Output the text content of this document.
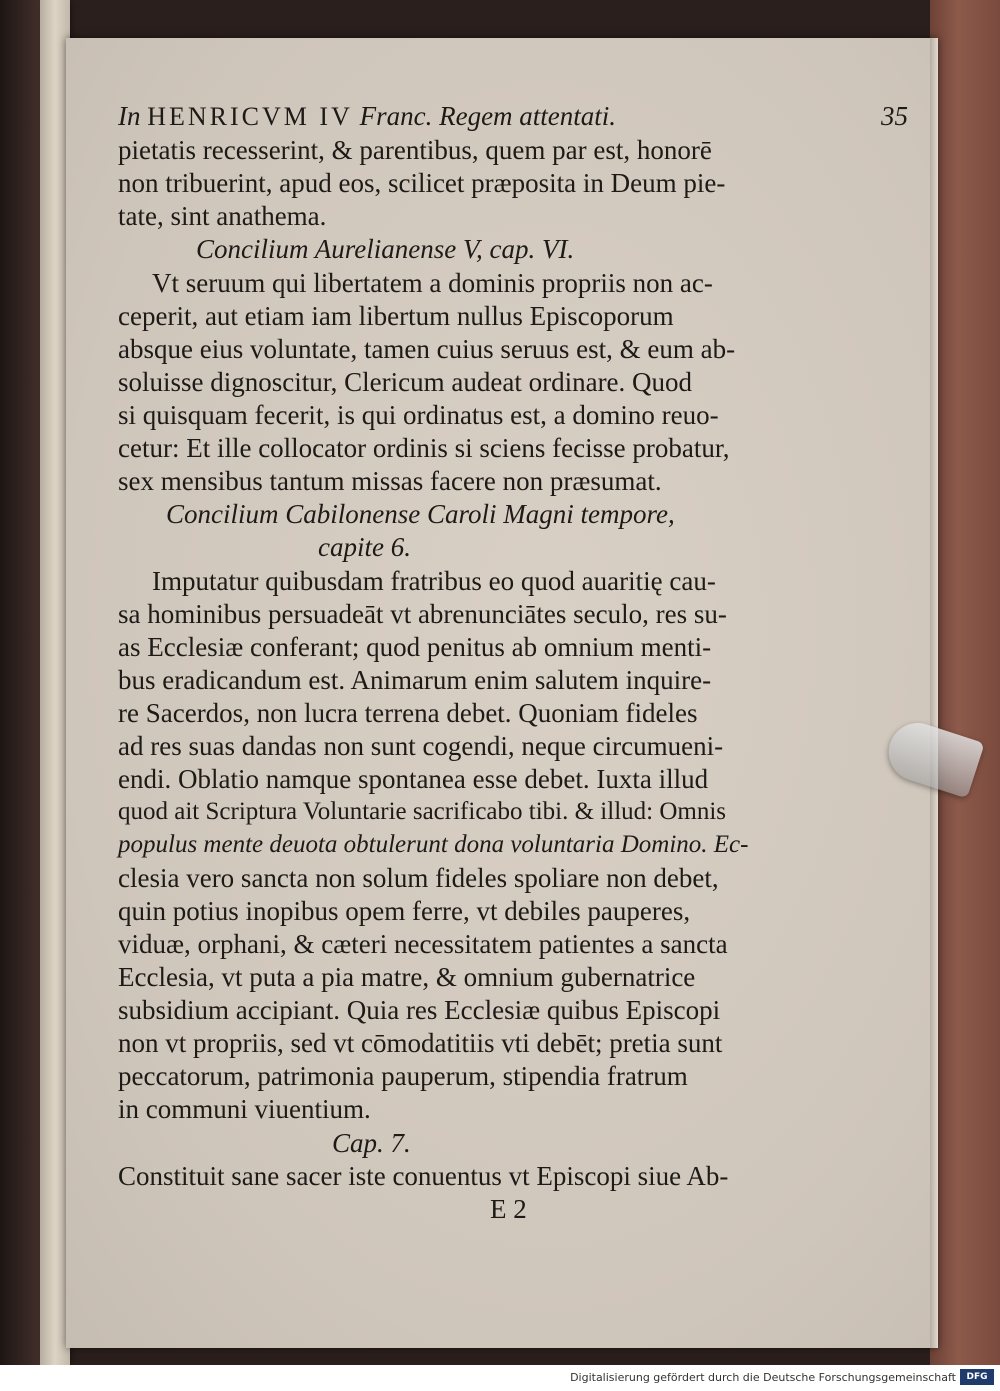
In HENRICVM IV Franc. Regem attentati.	35
pietatis recesserint, & parentibus, quem par est, honorē
non tribuerint, apud eos, scilicet præposita in Deum pie-
tate, sint anathema.
Concilium Aurelianense V, cap. VI.
Vt seruum qui libertatem a dominis propriis non ac-
ceperit, aut etiam iam libertum nullus Episcoporum
absque eius voluntate, tamen cuius seruus est, & eum ab-
soluisse dignoscitur, Clericum audeat ordinare. Quod
si quisquam fecerit, is qui ordinatus est, a domino reuo-
cetur: Et ille collocator ordinis si sciens fecisse probatur,
sex mensibus tantum missas facere non præsumat.
Concilium Cabilonense Caroli Magni tempore,
capite 6.
Imputatur quibusdam fratribus eo quod auaritię cau-
sa hominibus persuadeāt vt abrenunciātes seculo, res su-
as Ecclesiæ conferant; quod penitus ab omnium menti-
bus eradicandum est. Animarum enim salutem inquire-
re Sacerdos, non lucra terrena debet. Quoniam fideles
ad res suas dandas non sunt cogendi, neque circumueni-
endi. Oblatio namque spontanea esse debet. Iuxta illud
quod ait Scriptura Voluntarie sacrificabo tibi. & illud: Omnis
populus mente deuota obtulerunt dona voluntaria Domino. Ec-
clesia vero sancta non solum fideles spoliare non debet,
quin potius inopibus opem ferre, vt debiles pauperes,
viduæ, orphani, & cæteri necessitatem patientes a sancta
Ecclesia, vt puta a pia matre, & omnium gubernatrice
subsidium accipiant. Quia res Ecclesiæ quibus Episcopi
non vt propriis, sed vt cōmodatitiis vti debēt; pretia sunt
peccatorum, patrimonia pauperum, stipendia fratrum
in communi viuentium.
Cap. 7.
Constituit sane sacer iste conuentus vt Episcopi siue Ab-
E 2
Digitalisierung gefördert durch die Deutsche Forschungsgemeinschaft	DFG
